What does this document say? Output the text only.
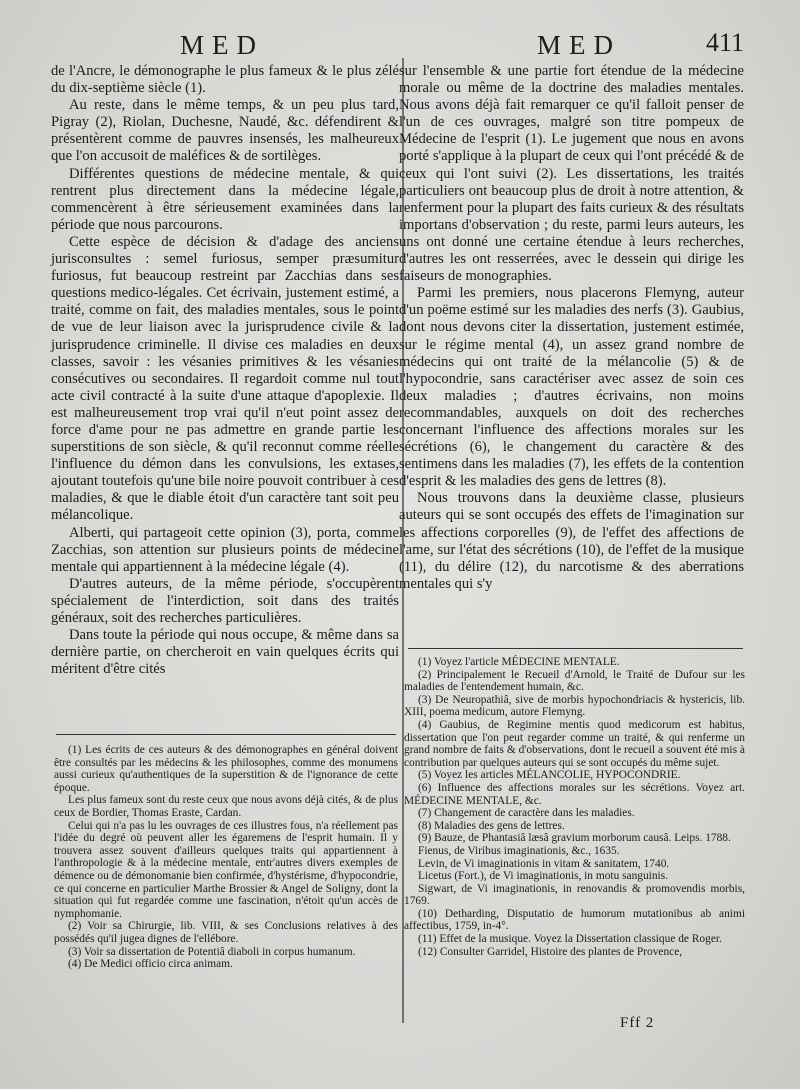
MED	MED	411

de l'Ancre, le démonographe le plus fameux & le plus zélé du dix-septième siècle (1).

Au reste, dans le même temps, & un peu plus tard, Pigray (2), Riolan, Duchesne, Naudé, &c. défendirent & présentèrent comme de pauvres insensés, les malheureux que l'on accusoit de maléfices & de sortilèges.

Différentes questions de médecine mentale, & qui rentrent plus directement dans la médecine légale, commencèrent à être sérieusement examinées dans la période que nous parcourons.

Cette espèce de décision & d'adage des anciens jurisconsultes : semel furiosus, semper præsumitur furiosus, fut beaucoup restreint par Zacchias dans ses questions medico-légales. Cet écrivain, justement estimé, a traité, comme on fait, des maladies mentales, sous le point de vue de leur liaison avec la jurisprudence civile & la jurisprudence criminelle. Il divise ces maladies en deux classes, savoir : les vésanies primitives & les vésanies consécutives ou secondaires. Il regardoit comme nul tout acte civil contracté à la suite d'une attaque d'apoplexie. Il est malheureusement trop vrai qu'il n'eut point assez de force d'ame pour ne pas admettre en grande partie les superstitions de son siècle, & qu'il reconnut comme réelle l'influence du démon dans les convulsions, les extases, ajoutant toutefois qu'une bile noire pouvoit contribuer à ces maladies, & que le diable étoit d'un caractère tant soit peu mélancolique.

Alberti, qui partageoit cette opinion (3), porta, comme Zacchias, son attention sur plusieurs points de médecine mentale qui appartiennent à la médecine légale (4).

D'autres auteurs, de la même période, s'occupèrent spécialement de l'interdiction, soit dans des traités généraux, soit des recherches particulières.

Dans toute la période qui nous occupe, & même dans sa dernière partie, on chercheroit en vain quelques écrits qui méritent d'être cités

sur l'ensemble & une partie fort étendue de la médecine morale ou même de la doctrine des maladies mentales. Nous avons déjà fait remarquer ce qu'il falloit penser de l'un de ces ouvrages, malgré son titre pompeux de Médecine de l'esprit (1). Le jugement que nous en avons porté s'applique à la plupart de ceux qui l'ont précédé & de ceux qui l'ont suivi (2). Les dissertations, les traités particuliers ont beaucoup plus de droit à notre attention, & renferment pour la plupart des faits curieux & des résultats importans d'observation ; du reste, parmi leurs auteurs, les uns ont donné une certaine étendue à leurs recherches, d'autres les ont resserrées, avec le dessein qui dirige les faiseurs de monographies.

Parmi les premiers, nous placerons Flemyng, auteur d'un poëme estimé sur les maladies des nerfs (3). Gaubius, dont nous devons citer la dissertation, justement estimée, sur le régime mental (4), un assez grand nombre de médecins qui ont traité de la mélancolie (5) & de l'hypocondrie, sans caractériser avec assez de soin ces deux maladies ; d'autres écrivains, non moins recommandables, auxquels on doit des recherches concernant l'influence des affections morales sur les sécrétions (6), le changement du caractère & des sentimens dans les maladies (7), les effets de la contention d'esprit & les maladies des gens de lettres (8).

Nous trouvons dans la deuxième classe, plusieurs auteurs qui se sont occupés des effets de l'imagination sur les affections corporelles (9), de l'effet des affections de l'ame, sur l'état des sécrétions (10), de l'effet de la musique (11), du délire (12), du narcotisme & des aberrations mentales qui s'y

(1) Les écrits de ces auteurs & des démonographes en général doivent être consultés par les médecins & les philosophes, comme des monumens aussi curieux qu'authentiques de la superstition & de l'ignorance de cette époque.

Les plus fameux sont du reste ceux que nous avons déjà cités, & de plus ceux de Bordier, Thomas Eraste, Cardan.

Celui qui n'a pas lu les ouvrages de ces illustres fous, n'a réellement pas l'idée du degré où peuvent aller les égaremens de l'esprit humain. Il y trouvera assez souvent d'ailleurs quelques traits qui appartiennent à l'anthropologie & à la médecine mentale, entr'autres divers exemples de démence ou de démonomanie bien confirmée, d'hystérisme, d'hypocondrie, ce qui concerne en particulier Marthe Brossier & Angel de Soligny, dont la situation qui fut regardée comme une fascination, n'étoit qu'un accès de nymphomanie.

(2) Voir sa Chirurgie, lib. VIII, & ses Conclusions relatives à des possédés qu'il jugea dignes de l'ellébore.

(3) Voir sa dissertation de Potentiâ diaboli in corpus humanum.

(4) De Medici officio circa animam.

(1) Voyez l'article MÉDECINE MENTALE.

(2) Principalement le Recueil d'Arnold, le Traité de Dufour sur les maladies de l'entendement humain, &c.

(3) De Neuropathiâ, sive de morbis hypochondriacis & hystericis, lib. XIII, poema medicum, autore Flemyng.

(4) Gaubius, de Regimine mentis quod medicorum est habitus, dissertation que l'on peut regarder comme un traité, & qui renferme un grand nombre de faits & d'observations, dont le recueil a souvent été mis à contribution par quelques auteurs qui se sont occupés du même sujet.

(5) Voyez les articles MÉLANCOLIE, HYPOCONDRIE.

(6) Influence des affections morales sur les sécrétions. Voyez art. MÉDECINE MENTALE, &c.

(7) Changement de caractère dans les maladies.

(8) Maladies des gens de lettres.

(9) Bauze, de Phantasiâ læsâ gravium morborum causâ. Leips. 1788.

Fienus, de Viribus imaginationis, &c., 1635.

Levin, de Vi imaginationis in vitam & sanitatem, 1740.

Licetus (Fort.), de Vi imaginationis, in motu sanguinis.

Sigwart, de Vi imaginationis, in renovandis & promovendis morbis, 1769.

(10) Detharding, Disputatio de humorum mutationibus ab animi affectibus, 1759, in-4°.

(11) Effet de la musique. Voyez la Dissertation classique de Roger.

(12) Consulter Garridel, Histoire des plantes de Provence,

Fff 2
